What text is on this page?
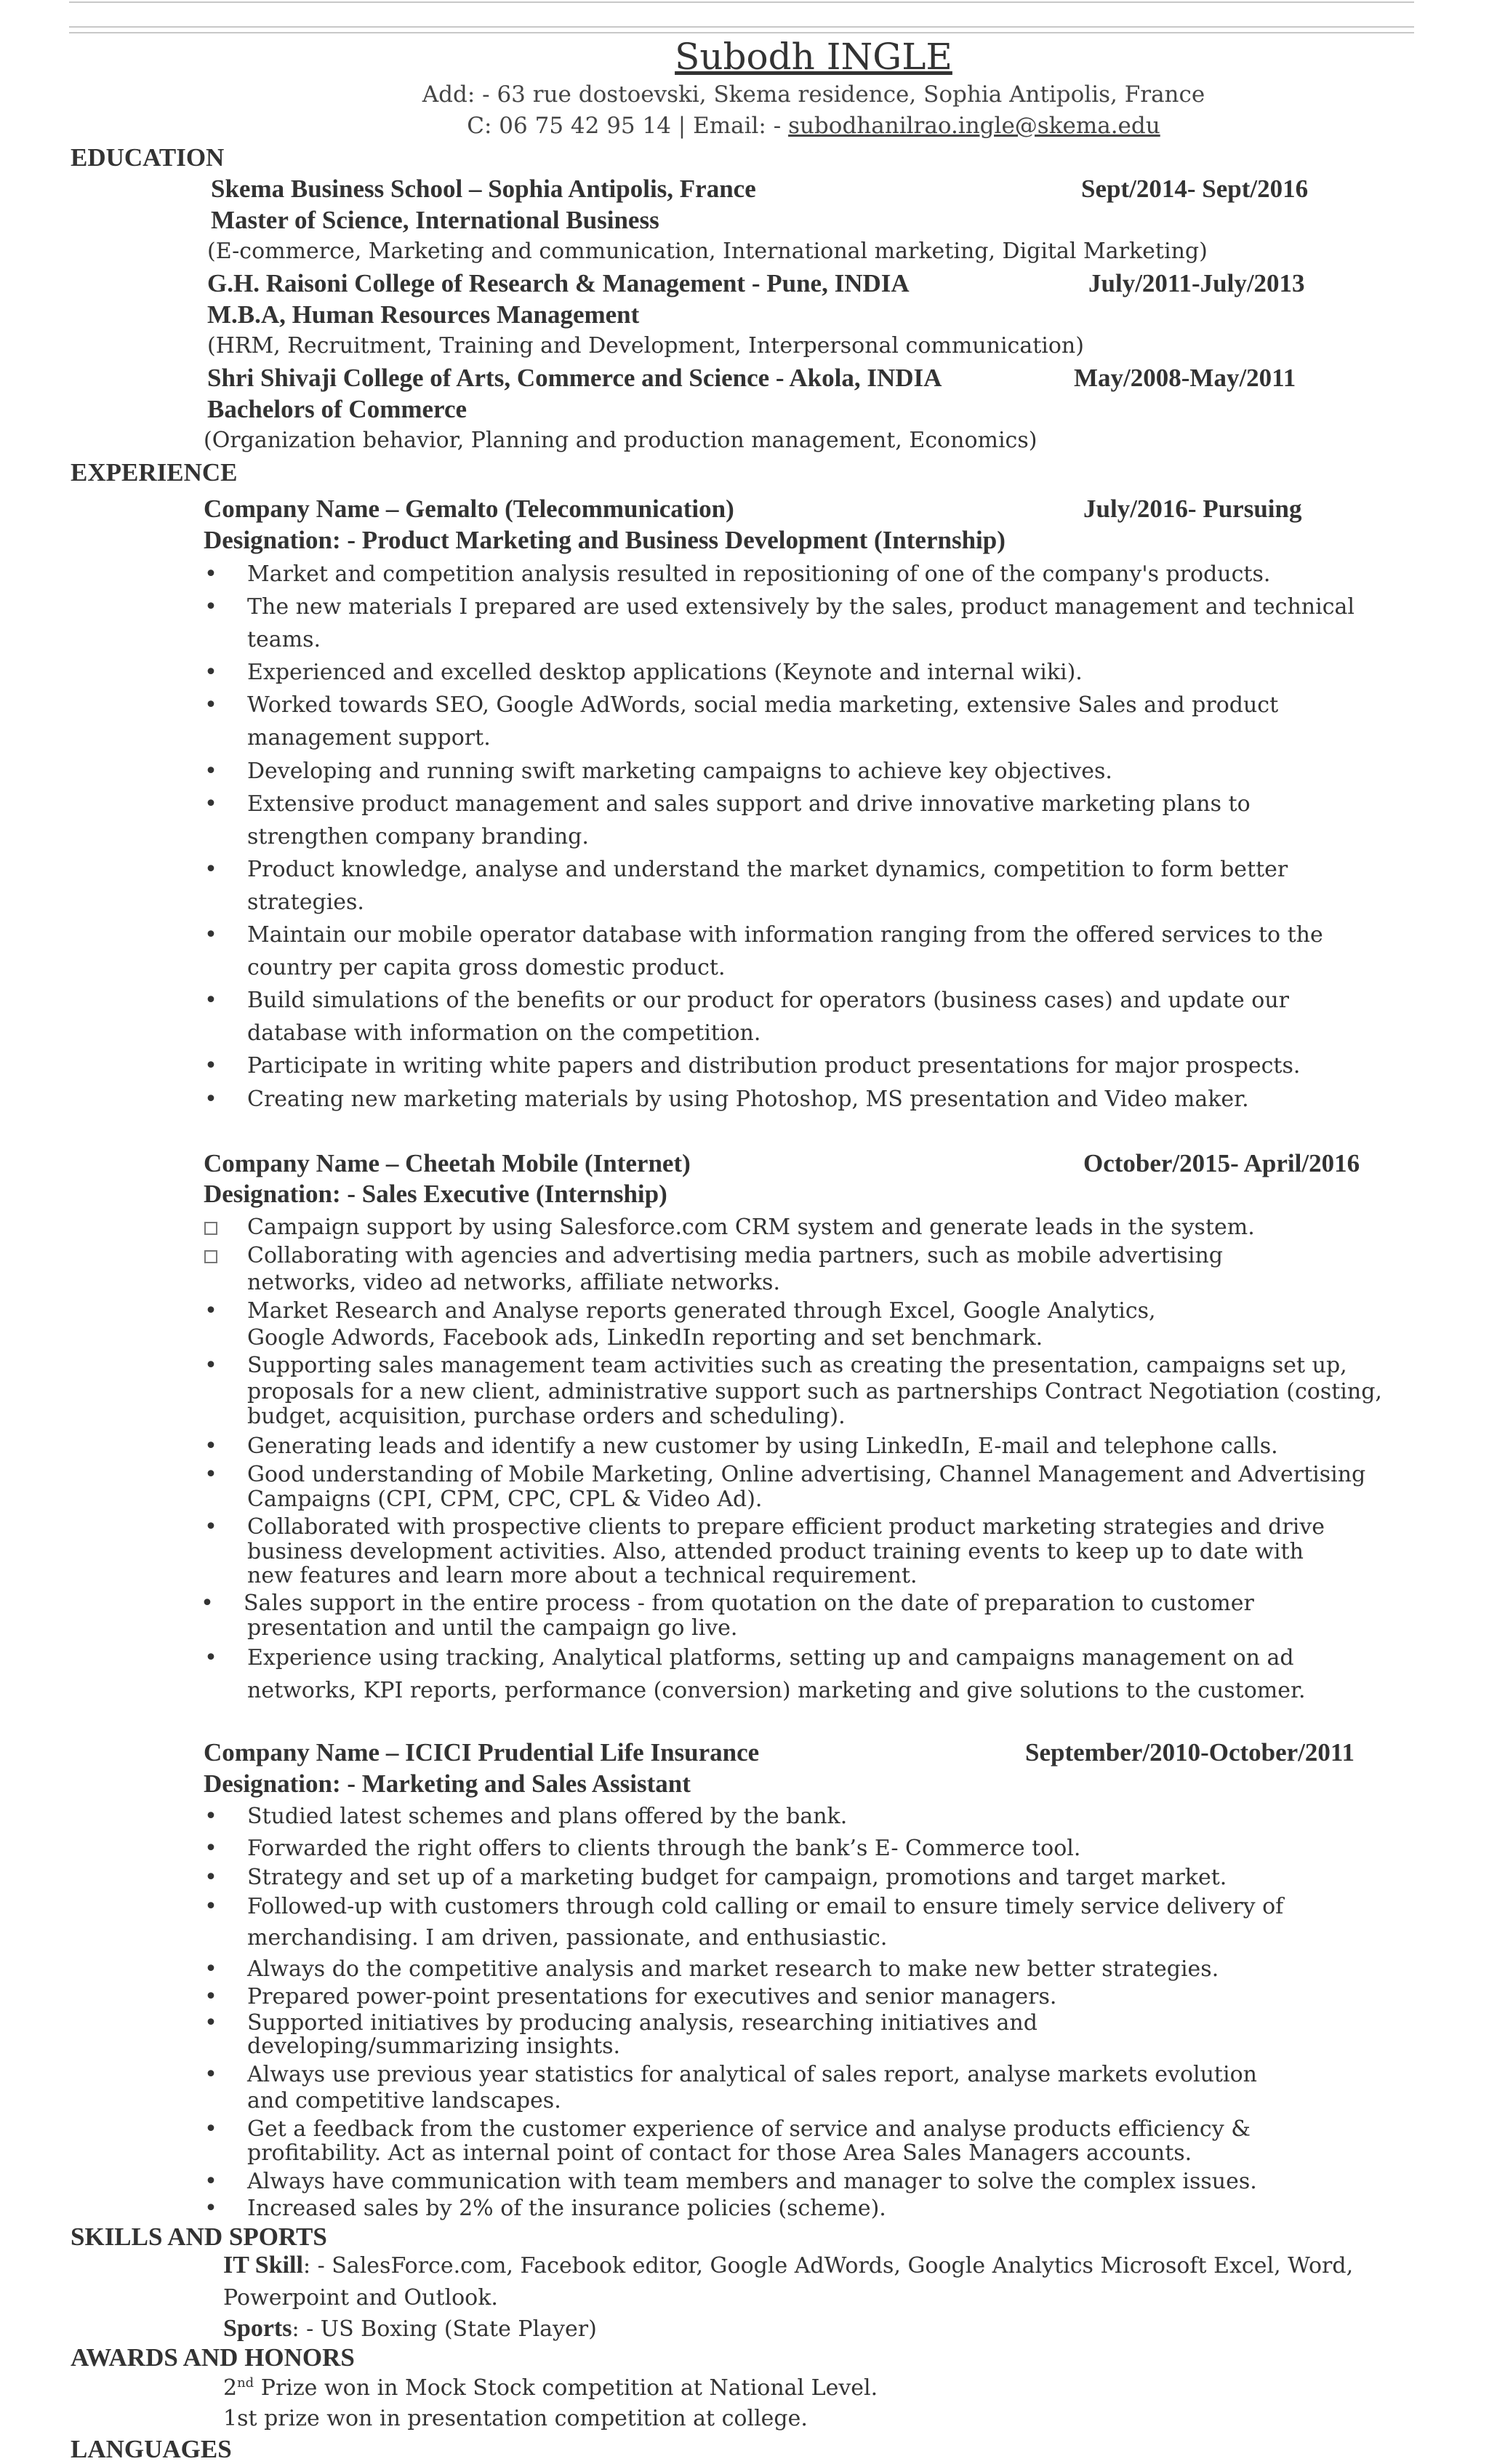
Subodh INGLE
Add: - 63 rue dostoevski, Skema residence, Sophia Antipolis, France
C: 06 75 42 95 14 | Email: - subodhanilrao.ingle@skema.edu
EDUCATION
Skema Business School – Sophia Antipolis, France	Sept/2014- Sept/2016
Master of Science, International Business
(E-commerce, Marketing and communication, International marketing, Digital Marketing)
G.H. Raisoni College of Research & Management - Pune, INDIA	July/2011-July/2013
M.B.A, Human Resources Management
(HRM, Recruitment, Training and Development, Interpersonal communication)
Shri Shivaji College of Arts, Commerce and Science - Akola, INDIA	May/2008-May/2011
Bachelors of Commerce
(Organization behavior, Planning and production management, Economics)
EXPERIENCE
Company Name – Gemalto (Telecommunication)	July/2016- Pursuing
Designation: - Product Marketing and Business Development (Internship)
• Market and competition analysis resulted in repositioning of one of the company's products.
• The new materials I prepared are used extensively by the sales, product management and technical
teams.
• Experienced and excelled desktop applications (Keynote and internal wiki).
• Worked towards SEO, Google AdWords, social media marketing, extensive Sales and product
management support.
• Developing and running swift marketing campaigns to achieve key objectives.
• Extensive product management and sales support and drive innovative marketing plans to
strengthen company branding.
• Product knowledge, analyse and understand the market dynamics, competition to form better
strategies.
• Maintain our mobile operator database with information ranging from the offered services to the
country per capita gross domestic product.
• Build simulations of the benefits or our product for operators (business cases) and update our
database with information on the competition.
• Participate in writing white papers and distribution product presentations for major prospects.
• Creating new marketing materials by using Photoshop, MS presentation and Video maker.
Company Name – Cheetah Mobile (Internet)	October/2015- April/2016
Designation: - Sales Executive (Internship)
Campaign support by using Salesforce.com CRM system and generate leads in the system.
Collaborating with agencies and advertising media partners, such as mobile advertising
networks, video ad networks, affiliate networks.
• Market Research and Analyse reports generated through Excel, Google Analytics,
Google Adwords, Facebook ads, LinkedIn reporting and set benchmark.
• Supporting sales management team activities such as creating the presentation, campaigns set up,
proposals for a new client, administrative support such as partnerships Contract Negotiation (costing,
budget, acquisition, purchase orders and scheduling).
• Generating leads and identify a new customer by using LinkedIn, E-mail and telephone calls.
• Good understanding of Mobile Marketing, Online advertising, Channel Management and Advertising
Campaigns (CPI, CPM, CPC, CPL & Video Ad).
• Collaborated with prospective clients to prepare efficient product marketing strategies and drive
business development activities. Also, attended product training events to keep up to date with
new features and learn more about a technical requirement.
• Sales support in the entire process - from quotation on the date of preparation to customer
presentation and until the campaign go live.
• Experience using tracking, Analytical platforms, setting up and campaigns management on ad
networks, KPI reports, performance (conversion) marketing and give solutions to the customer.
Company Name – ICICI Prudential Life Insurance	September/2010-October/2011
Designation: - Marketing and Sales Assistant
• Studied latest schemes and plans offered by the bank.
• Forwarded the right offers to clients through the bank’s E- Commerce tool.
• Strategy and set up of a marketing budget for campaign, promotions and target market.
• Followed-up with customers through cold calling or email to ensure timely service delivery of
merchandising. I am driven, passionate, and enthusiastic.
• Always do the competitive analysis and market research to make new better strategies.
• Prepared power-point presentations for executives and senior managers.
• Supported initiatives by producing analysis, researching initiatives and
developing/summarizing insights.
• Always use previous year statistics for analytical of sales report, analyse markets evolution
and competitive landscapes.
• Get a feedback from the customer experience of service and analyse products efficiency &
profitability. Act as internal point of contact for those Area Sales Managers accounts.
• Always have communication with team members and manager to solve the complex issues.
• Increased sales by 2% of the insurance policies (scheme).
SKILLS AND SPORTS
IT Skill: - SalesForce.com, Facebook editor, Google AdWords, Google Analytics Microsoft Excel, Word,
Powerpoint and Outlook.
Sports: - US Boxing (State Player)
AWARDS AND HONORS
2nd Prize won in Mock Stock competition at National Level.
1st prize won in presentation competition at college.
LANGUAGES
